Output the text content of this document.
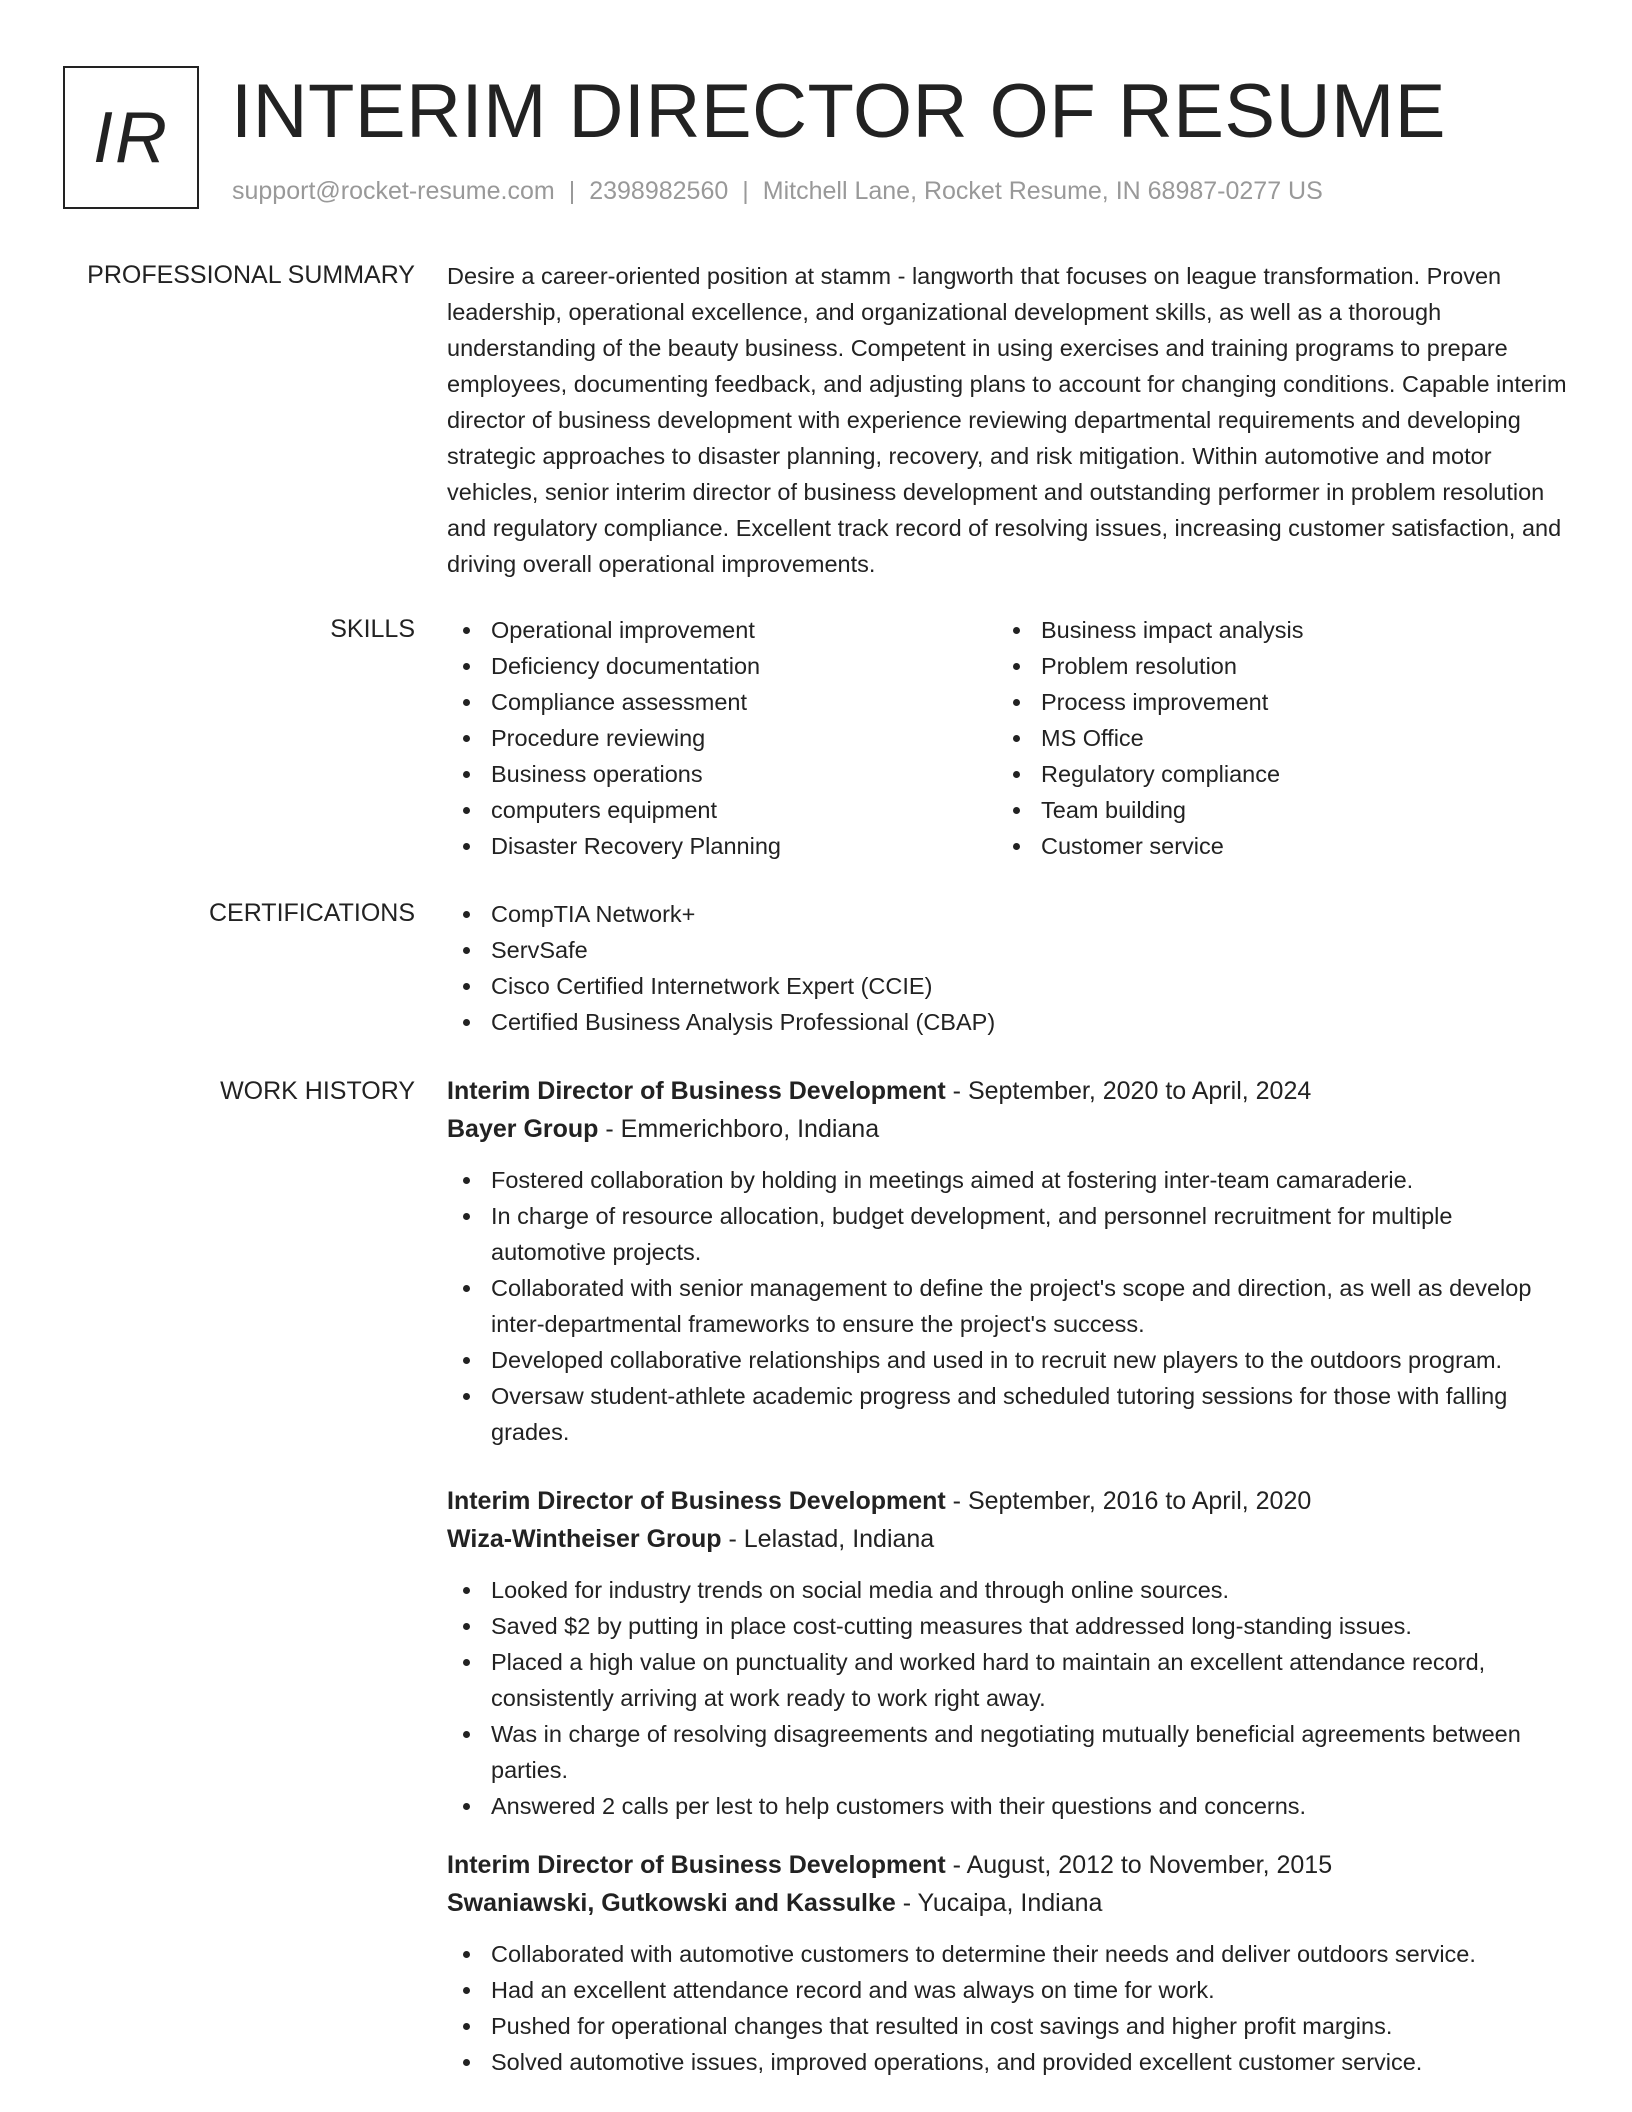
IR INTERIM DIRECTOR OF RESUME
support@rocket-resume.com | 2398982560 | Mitchell Lane, Rocket Resume, IN 68987-0277 US
PROFESSIONAL SUMMARY Desire a career-oriented position at stamm - langworth that focuses on league transformation. Proven leadership, operational excellence, and organizational development skills, as well as a thorough understanding of the beauty business. Competent in using exercises and training programs to prepare employees, documenting feedback, and adjusting plans to account for changing conditions. Capable interim director of business development with experience reviewing departmental requirements and developing strategic approaches to disaster planning, recovery, and risk mitigation. Within automotive and motor vehicles, senior interim director of business development and outstanding performer in problem resolution and regulatory compliance. Excellent track record of resolving issues, increasing customer satisfaction, and driving overall operational improvements.
SKILLS	Operational improvement
Deficiency documentation
Compliance assessment
Procedure reviewing
Business operations
computers equipment
Disaster Recovery Planning
Business impact analysis
Problem resolution
Process improvement
MS Office
Regulatory compliance
Team building
Customer service
CERTIFICATIONS	CompTIA Network+
ServSafe
Cisco Certified Internetwork Expert (CCIE)
Certified Business Analysis Professional (CBAP)
WORK HISTORY Interim Director of Business Development - September, 2020 to April, 2024
Bayer Group - Emmerichboro, Indiana
Fostered collaboration by holding in meetings aimed at fostering inter-team camaraderie.
In charge of resource allocation, budget development, and personnel recruitment for multiple automotive projects.
Collaborated with senior management to define the project's scope and direction, as well as develop inter-departmental frameworks to ensure the project's success.
Developed collaborative relationships and used in to recruit new players to the outdoors program.
Oversaw student-athlete academic progress and scheduled tutoring sessions for those with falling grades.
Interim Director of Business Development - September, 2016 to April, 2020
Wiza-Wintheiser Group - Lelastad, Indiana
Looked for industry trends on social media and through online sources.
Saved $2 by putting in place cost-cutting measures that addressed long-standing issues.
Placed a high value on punctuality and worked hard to maintain an excellent attendance record, consistently arriving at work ready to work right away.
Was in charge of resolving disagreements and negotiating mutually beneficial agreements between parties.
Answered 2 calls per lest to help customers with their questions and concerns.
Interim Director of Business Development - August, 2012 to November, 2015
Swaniawski, Gutkowski and Kassulke - Yucaipa, Indiana
Collaborated with automotive customers to determine their needs and deliver outdoors service.
Had an excellent attendance record and was always on time for work.
Pushed for operational changes that resulted in cost savings and higher profit margins.
Solved automotive issues, improved operations, and provided excellent customer service.
